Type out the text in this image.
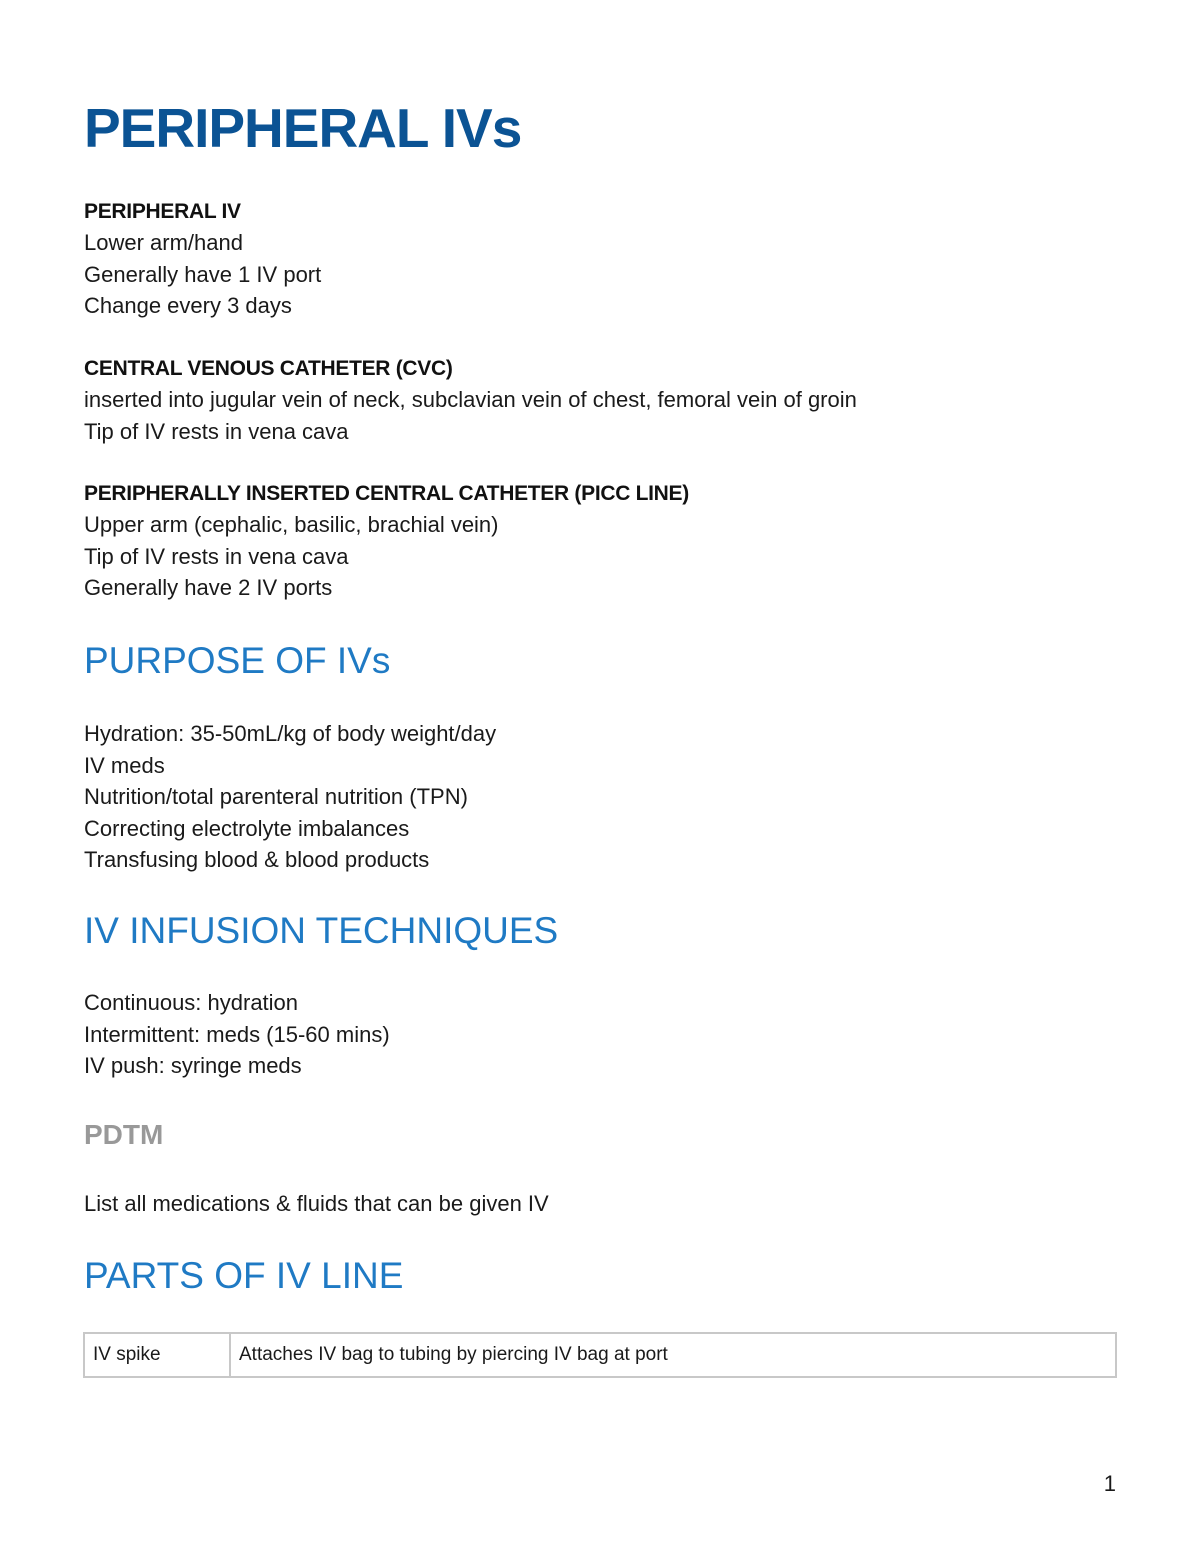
PERIPHERAL IVs
PERIPHERAL IV
Lower arm/hand
Generally have 1 IV port
Change every 3 days
CENTRAL VENOUS CATHETER (CVC)
inserted into jugular vein of neck, subclavian vein of chest, femoral vein of groin
Tip of IV rests in vena cava
PERIPHERALLY INSERTED CENTRAL CATHETER (PICC LINE)
Upper arm (cephalic, basilic, brachial vein)
Tip of IV rests in vena cava
Generally have 2 IV ports
PURPOSE OF IVs
Hydration: 35-50mL/kg of body weight/day
IV meds
Nutrition/total parenteral nutrition (TPN)
Correcting electrolyte imbalances
Transfusing blood & blood products
IV INFUSION TECHNIQUES
Continuous: hydration
Intermittent: meds (15-60 mins)
IV push: syringe meds
PDTM
List all medications & fluids that can be given IV
PARTS OF IV LINE
IV spike	Attaches IV bag to tubing by piercing IV bag at port
1
